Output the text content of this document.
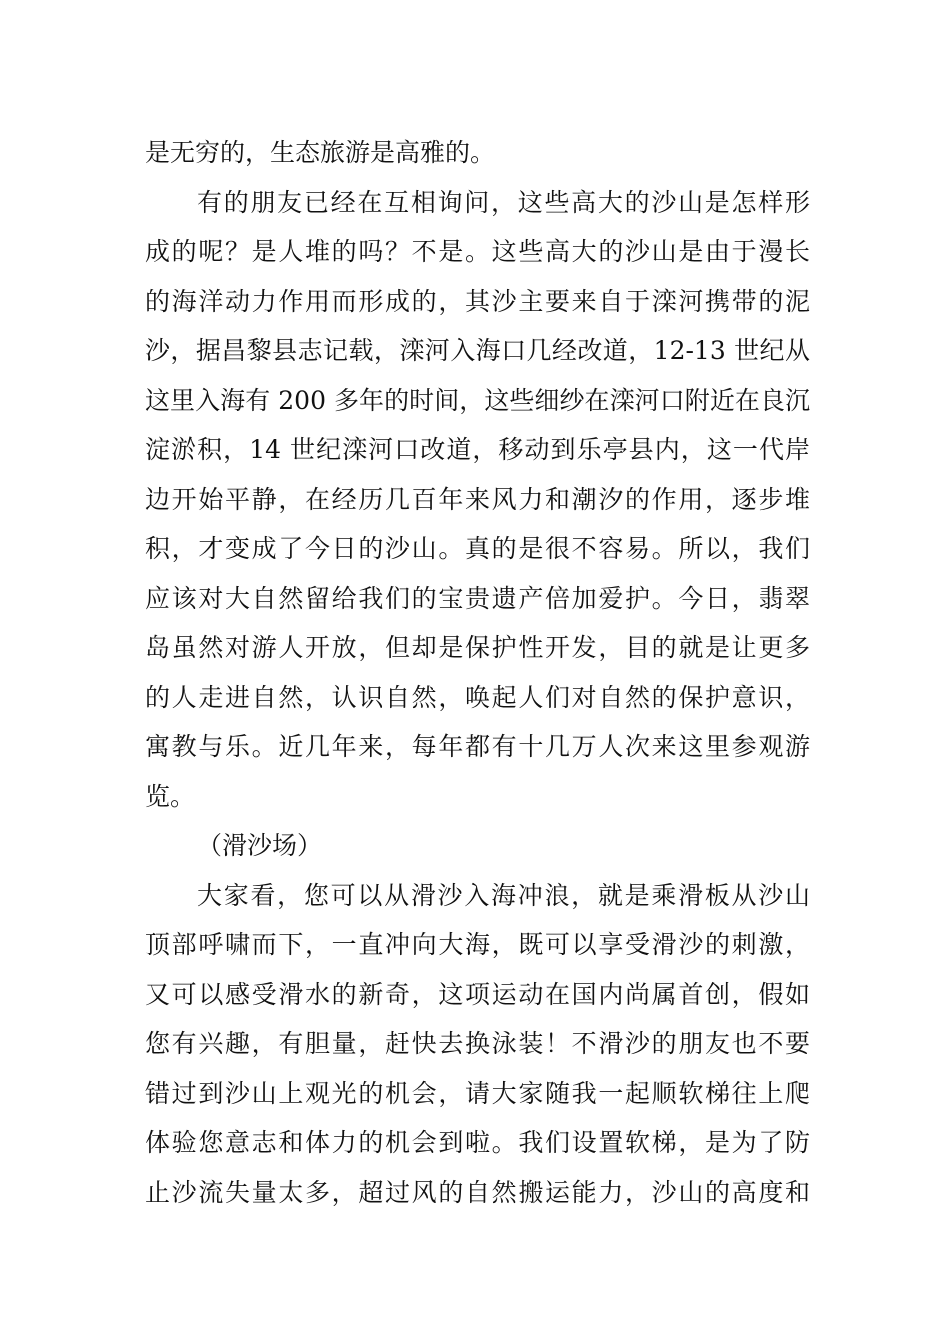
是无穷的，生态旅游是高雅的。
有的朋友已经在互相询问，这些高大的沙山是怎样形
成的呢？是人堆的吗？不是。这些高大的沙山是由于漫长
的海洋动力作用而形成的，其沙主要来自于滦河携带的泥
沙，据昌黎县志记载，滦河入海口几经改道，12-13 世纪从
这里入海有 200 多年的时间，这些细纱在滦河口附近在良沉
淀淤积，14 世纪滦河口改道，移动到乐亭县内，这一代岸
边开始平静，在经历几百年来风力和潮汐的作用，逐步堆
积，才变成了今日的沙山。真的是很不容易。所以，我们
应该对大自然留给我们的宝贵遗产倍加爱护。今日，翡翠
岛虽然对游人开放，但却是保护性开发，目的就是让更多
的人走进自然，认识自然，唤起人们对自然的保护意识，
寓教与乐。近几年来，每年都有十几万人次来这里参观游
览。
（滑沙场）
大家看，您可以从滑沙入海冲浪，就是乘滑板从沙山
顶部呼啸而下，一直冲向大海，既可以享受滑沙的刺激，
又可以感受滑水的新奇，这项运动在国内尚属首创，假如
您有兴趣，有胆量，赶快去换泳装！不滑沙的朋友也不要
错过到沙山上观光的机会，请大家随我一起顺软梯往上爬
体验您意志和体力的机会到啦。我们设置软梯，是为了防
止沙流失量太多，超过风的自然搬运能力，沙山的高度和
